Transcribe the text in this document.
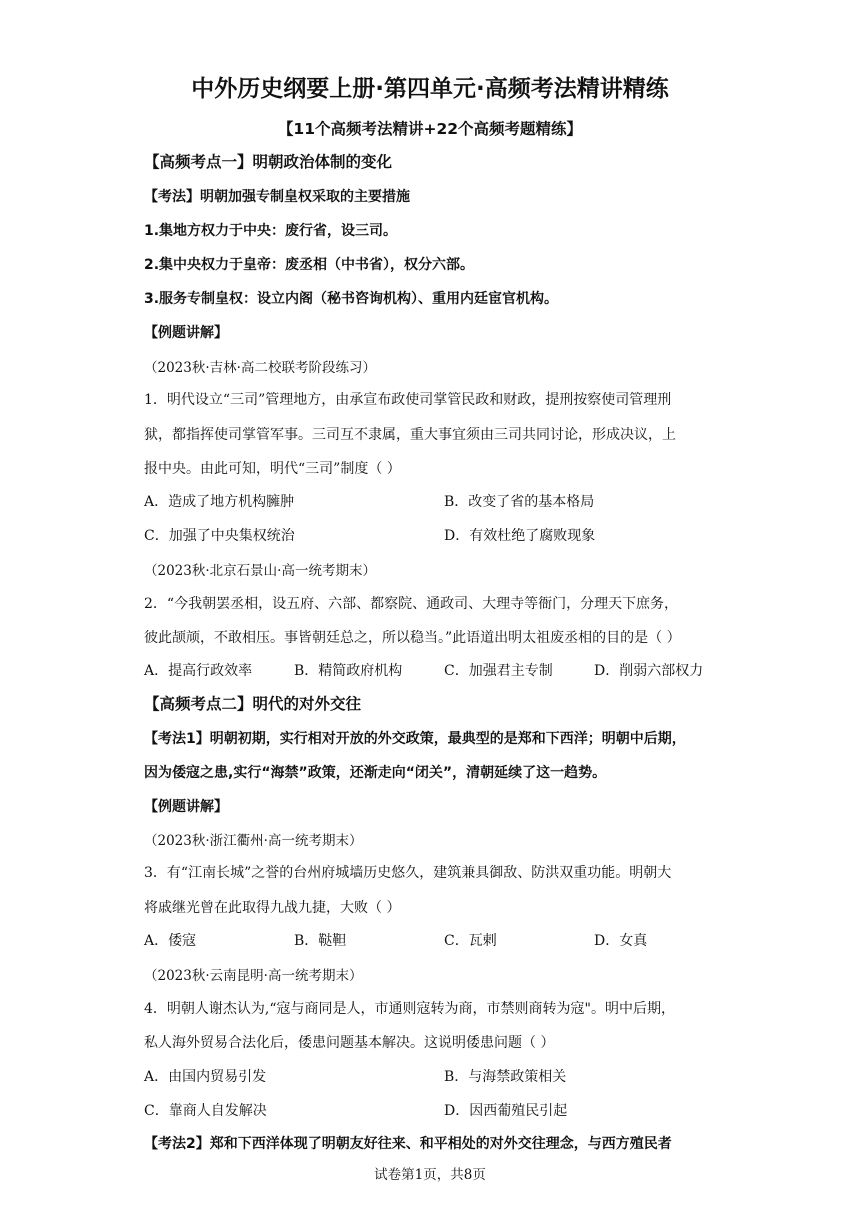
中外历史纲要上册·第四单元·高频考法精讲精练
【11个高频考法精讲+22个高频考题精练】
【高频考点一】明朝政治体制的变化
【考法】明朝加强专制皇权采取的主要措施
1.集地方权力于中央：废行省，设三司。
2.集中央权力于皇帝：废丞相（中书省），权分六部。
3.服务专制皇权：设立内阁（秘书咨询机构）、重用内廷宦官机构。
【例题讲解】
（2023秋·吉林·高二校联考阶段练习）
1．明代设立“三司”管理地方，由承宣布政使司掌管民政和财政，提刑按察使司管理刑
狱，都指挥使司掌管军事。三司互不隶属，重大事宜须由三司共同讨论，形成决议，上
报中央。由此可知，明代“三司”制度（ ）
A．造成了地方机构臃肿	B．改变了省的基本格局
C．加强了中央集权统治	D．有效杜绝了腐败现象
（2023秋·北京石景山·高一统考期末）
2．“今我朝罢丞相，设五府、六部、都察院、通政司、大理寺等衙门，分理天下庶务，
彼此颉颃，不敢相压。事皆朝廷总之，所以稳当。”此语道出明太祖废丞相的目的是（ ）
A．提高行政效率	B．精简政府机构	C．加强君主专制	D．削弱六部权力
【高频考点二】明代的对外交往
【考法1】明朝初期，实行相对开放的外交政策，最典型的是郑和下西洋；明朝中后期，
因为倭寇之患,实行“海禁”政策，还渐走向“闭关”，清朝延续了这一趋势。
【例题讲解】
（2023秋·浙江衢州·高一统考期末）
3．有“江南长城”之誉的台州府城墙历史悠久，建筑兼具御敌、防洪双重功能。明朝大
将戚继光曾在此取得九战九捷，大败（ ）
A．倭寇	B．鞑靼	C．瓦剌	D．女真
（2023秋·云南昆明·高一统考期末）
4．明朝人谢杰认为,“寇与商同是人，市通则寇转为商，市禁则商转为寇"。明中后期，
私人海外贸易合法化后，倭患问题基本解决。这说明倭患问题（ ）
A．由国内贸易引发	B．与海禁政策相关
C．靠商人自发解决	D．因西葡殖民引起
【考法2】郑和下西洋体现了明朝友好往来、和平相处的对外交往理念，与西方殖民者
试卷第1页，共8页
